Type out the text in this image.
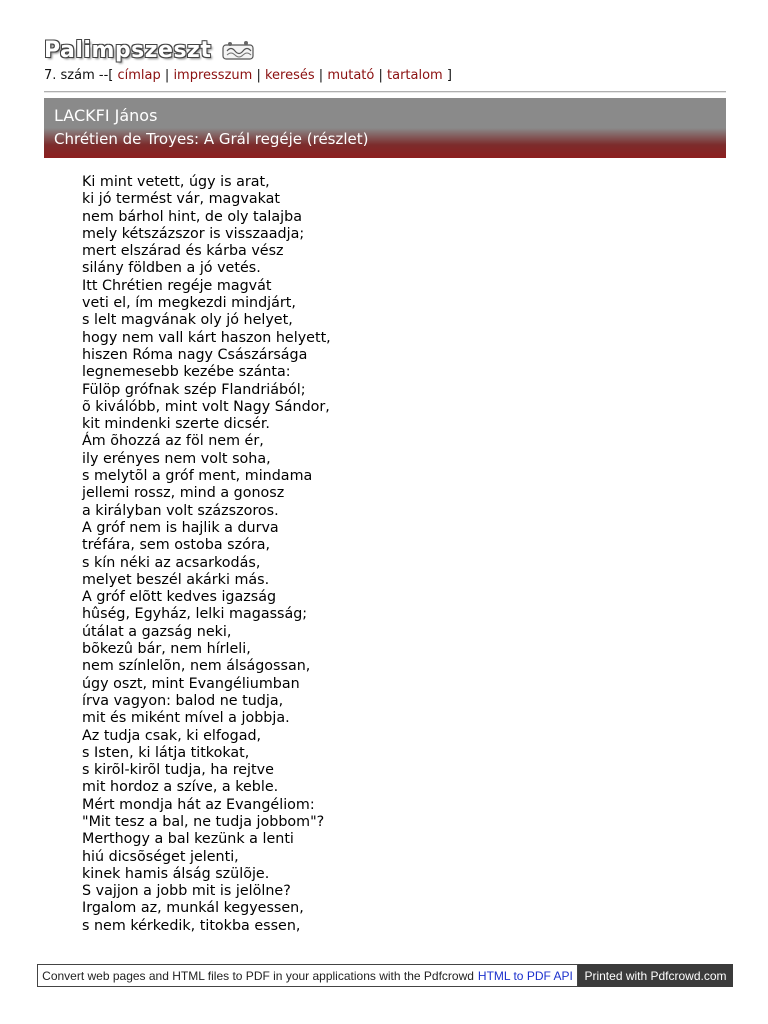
Palimpszeszt
7. szám --[ címlap | impresszum | keresés | mutató | tartalom ]
LACKFI János
Chrétien de Troyes: A Grál regéje (részlet)
Ki mint vetett, úgy is arat,
ki jó termést vár, magvakat
nem bárhol hint, de oly talajba
mely kétszázszor is visszaadja;
mert elszárad és kárba vész
silány földben a jó vetés.
Itt Chrétien regéje magvát
veti el, ím megkezdi mindjárt,
s lelt magvának oly jó helyet,
hogy nem vall kárt haszon helyett,
hiszen Róma nagy Császársága
legnemesebb kezébe szánta:
Fülöp grófnak szép Flandriából;
õ kiválóbb, mint volt Nagy Sándor,
kit mindenki szerte dicsér.
Ám õhozzá az föl nem ér,
ily erényes nem volt soha,
s melytõl a gróf ment, mindama
jellemi rossz, mind a gonosz
a királyban volt százszoros.
A gróf nem is hajlik a durva
tréfára, sem ostoba szóra,
s kín néki az acsarkodás,
melyet beszél akárki más.
A gróf elõtt kedves igazság
hûség, Egyház, lelki magasság;
útálat a gazság neki,
bõkezû bár, nem hírleli,
nem színlelõn, nem álságossan,
úgy oszt, mint Evangéliumban
írva vagyon: balod ne tudja,
mit és miként mível a jobbja.
Az tudja csak, ki elfogad,
s Isten, ki látja titkokat,
s kirõl-kirõl tudja, ha rejtve
mit hordoz a szíve, a keble.
Mért mondja hát az Evangéliom:
"Mit tesz a bal, ne tudja jobbom"?
Merthogy a bal kezünk a lenti
hiú dicsõséget jelenti,
kinek hamis álság szülõje.
S vajjon a jobb mit is jelölne?
Irgalom az, munkál kegyessen,
s nem kérkedik, titokba essen,
Convert web pages and HTML files to PDF in your applications with the Pdfcrowd HTML to PDF API Printed with Pdfcrowd.com
